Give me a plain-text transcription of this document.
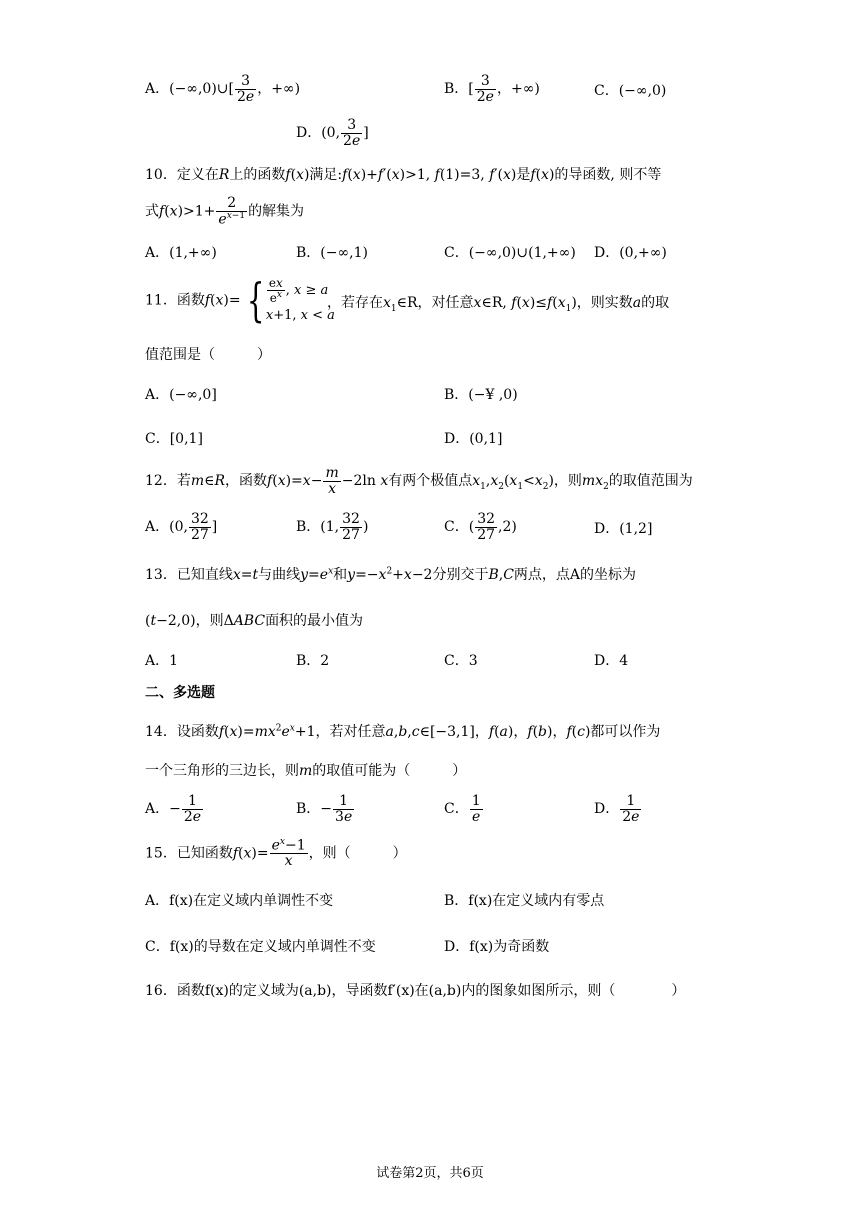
A．(−∞,0)∪[ $\frac{3}{2e}$ ，+∞)	B．[ $\frac{3}{2e}$ ，+∞)	C．(−∞,0)
D．(0, $\frac{3}{2e}$ ]
10．定义在R上的函数f(x)满足:f(x)+f′(x)>1, f(1)=3, f′(x)是f(x)的导函数, 则不等
式$f(x)>1+ \frac{2}{e^{x-1}}$ 的解集为
A．(1,+∞)	B．(−∞,1)	C．(−∞,0)∪(1,+∞) D．(0,+∞)
11．函数f(x)= { $\frac{ex}{e^x}$ , x ≥ a
x+1, x < a
，若存在$x_1\in R$，对任意x∈R, $f(x)\le f(x_1)$，则实数a的取
值范围是（　　　）
A．(−∞,0]	B．(−¥ ,0)
C．[0,1]	D．(0,1]
12．若m∈R，函数$f(x)=x- \frac{m}{x} -2\ln$ x有两个极值点$x_1,x_2(x_1<x_2)$，则$mx_2$的取值范围为
A．(0, $\frac{32}{27}$ ]	B．(1, $\frac{32}{27}$ )	C．( $\frac{32}{27} ,2$)	D．(1,2]
13．已知直线x=t与曲线$y=e^x$和$y=-x^2+x-2$分别交于B,C两点，点A的坐标为
(t−2,0)，则ΔABC面积的最小值为
A．1	B．2	C．3	D．4
二、多选题
14．设函数$f(x)=mx^2e^x+1$，若对任意a,b,c∈[−3,1]，f(a)，f(b)，f(c)都可以作为
一个三角形的三边长，则m的取值可能为（　　　）
A．− $\frac{1}{2e}$	B．− $\frac{1}{3e}$	C． $\frac{1}{e}$	D． $\frac{1}{2e}$
15．已知函数$f(x)= \frac{e^x-1}{x}$ ，则（　　　）
A．f(x)在定义域内单调性不变	B．f(x)在定义域内有零点
C．f(x)的导数在定义域内单调性不变	D．f(x)为奇函数
16．函数f(x)的定义域为(a,b)，导函数f′(x)在(a,b)内的图象如图所示，则（　　　　）
试卷第2页，共6页
